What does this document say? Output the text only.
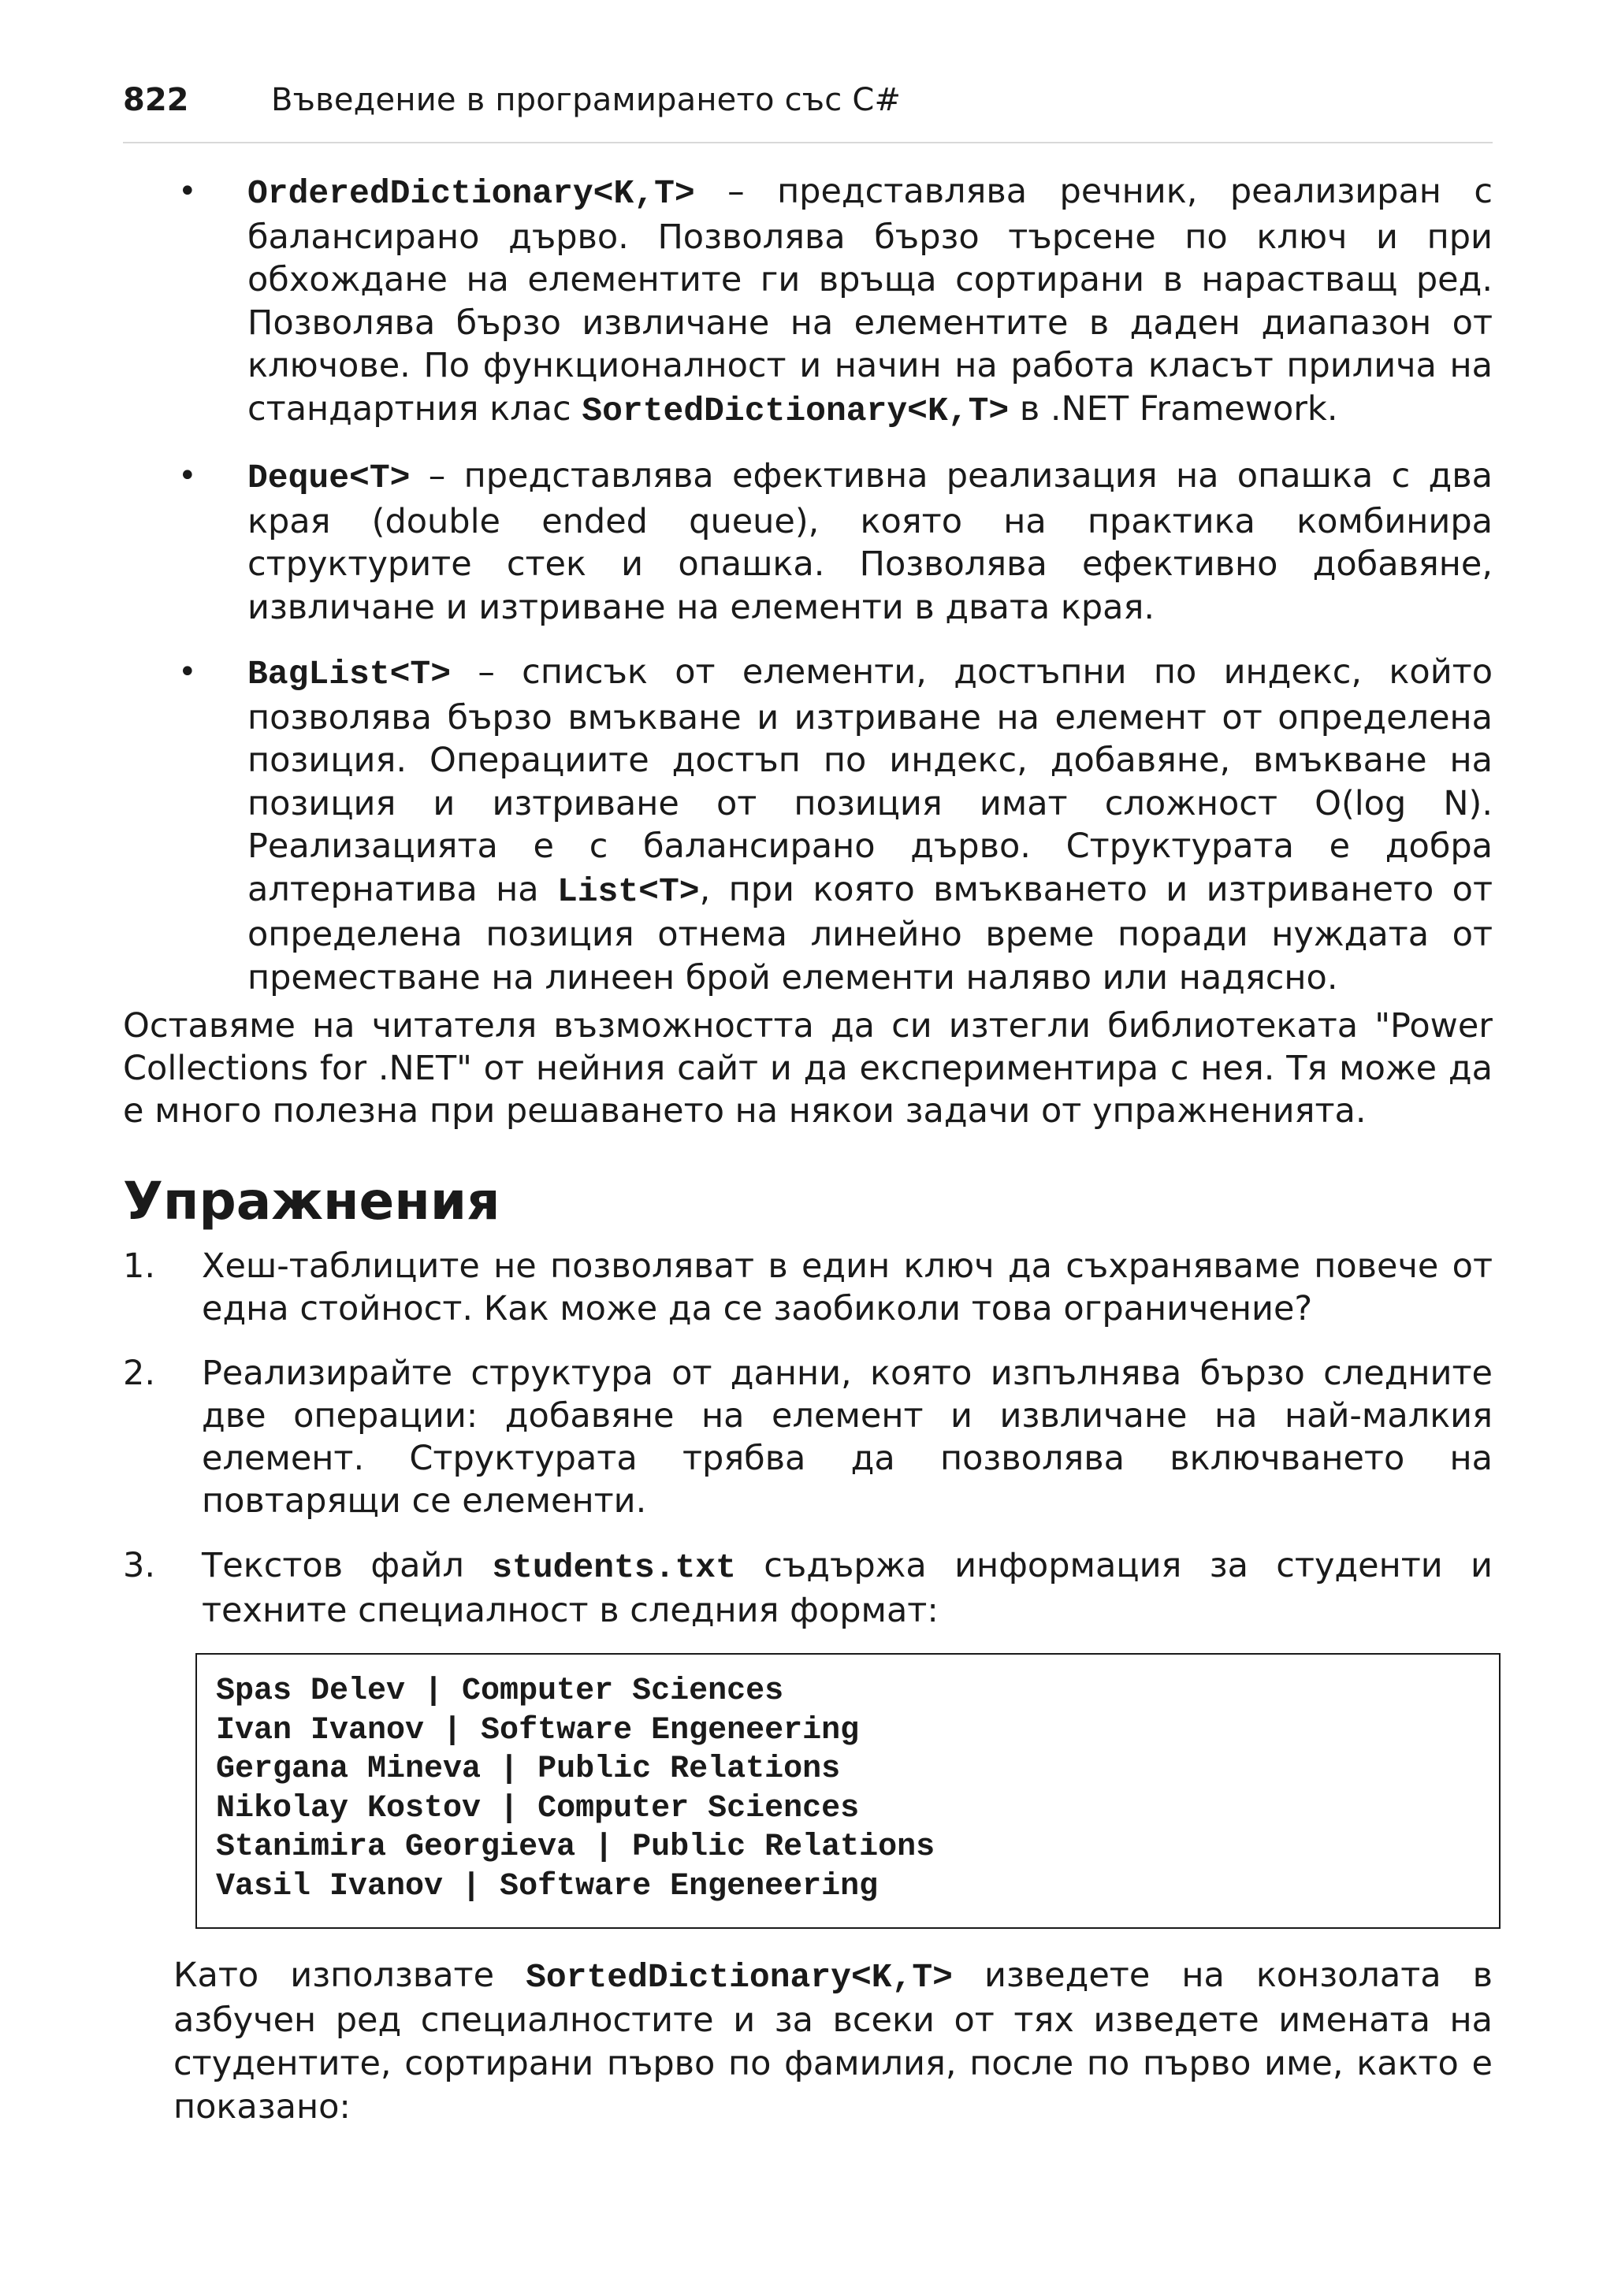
822	Въведение в програмирането със C#
• OrderedDictionary<K,T> – представлява речник, реализиран с балансирано дърво. Позволява бързо търсене по ключ и при обхождане на елементите ги връща сортирани в нарастващ ред. Позволява бързо извличане на елементите в даден диапазон от ключове. По функционалност и начин на работа класът прилича на стандартния клас SortedDictionary<K,T> в .NET Framework.

• Deque<T> – представлява ефективна реализация на опашка с два края (double ended queue), която на практика комбинира структурите стек и опашка. Позволява ефективно добавяне, извличане и изтриване на елементи в двата края.

• BagList<T> – списък от елементи, достъпни по индекс, който позволява бързо вмъкване и изтриване на елемент от определена позиция. Операциите достъп по индекс, добавяне, вмъкване на позиция и изтриване от позиция имат сложност O(log N). Реализацията е с балансирано дърво. Структурата е добра алтернатива на List<T>, при която вмъкването и изтриването от определена позиция отнема линейно време поради нуждата от преместване на линеен брой елементи наляво или надясно.

Оставяме на читателя възможността да си изтегли библиотеката "Power Collections for .NET" от нейния сайт и да експериментира с нея. Тя може да е много полезна при решаването на някои задачи от упражненията.

Упражнения
1. Хеш-таблиците не позволяват в един ключ да съхраняваме повече от една стойност. Как може да се заобиколи това ограничение?

2. Реализирайте структура от данни, която изпълнява бързо следните две операции: добавяне на елемент и извличане на най-малкия елемент. Структурата трябва да позволява включването на повтарящи се елементи.

3. Текстов файл students.txt съдържа информация за студенти и техните специалност в следния формат:

Spas Delev | Computer Sciences
Ivan Ivanov | Software Engeneering
Gergana Mineva | Public Relations
Nikolay Kostov | Computer Sciences
Stanimira Georgieva | Public Relations
Vasil Ivanov | Software Engeneering

Като използвате SortedDictionary<K,T> изведете на конзолата в азбучен ред специалностите и за всеки от тях изведете имената на студентите, сортирани първо по фамилия, после по първо име, както е показано:
